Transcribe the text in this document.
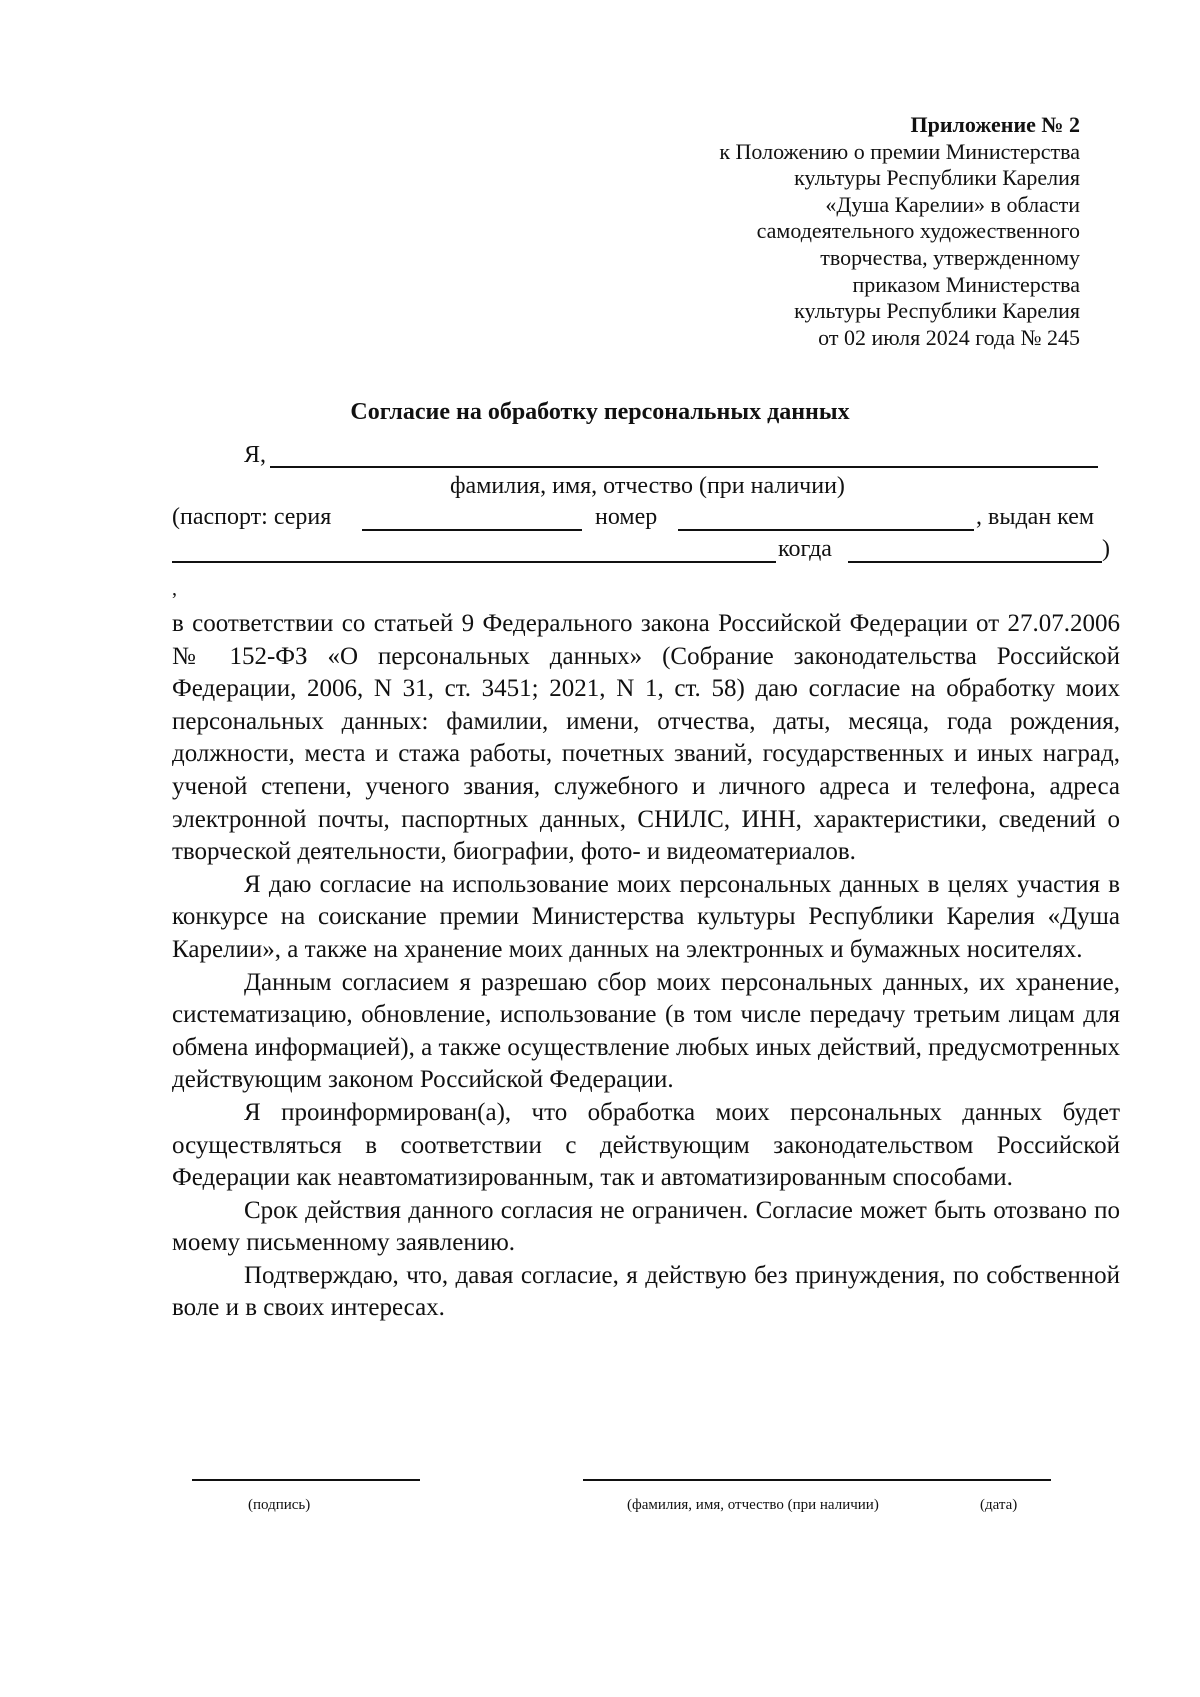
Приложение № 2
к Положению о премии Министерства
культуры Республики Карелия
«Душа Карелии» в области
самодеятельного художественного
творчества, утвержденному
приказом Министерства
культуры Республики Карелия
от 02 июля 2024 года № 245
Согласие на обработку персональных данных
Я,
фамилия, имя, отчество (при наличии)
(паспорт: серия	номер	, выдан кем
когда	)
,

в соответствии со статьей 9 Федерального закона Российской Федерации от 27.07.2006 № 152-ФЗ «О персональных данных» (Собрание законодательства Российской Федерации, 2006, N 31, ст. 3451; 2021, N 1, ст. 58) даю согласие на обработку моих персональных данных: фамилии, имени, отчества, даты, месяца, года рождения, должности, места и стажа работы, почетных званий, государственных и иных наград, ученой степени, ученого звания, служебного и личного адреса и телефона, адреса электронной почты, паспортных данных, СНИЛС, ИНН, характеристики, сведений о творческой деятельности, биографии, фото- и видеоматериалов.

Я даю согласие на использование моих персональных данных в целях участия в конкурсе на соискание премии Министерства культуры Республики Карелия «Душа Карелии», а также на хранение моих данных на электронных и бумажных носителях.

Данным согласием я разрешаю сбор моих персональных данных, их хранение, систематизацию, обновление, использование (в том числе передачу третьим лицам для обмена информацией), а также осуществление любых иных действий, предусмотренных действующим законом Российской Федерации.

Я проинформирован(а), что обработка моих персональных данных будет осуществляться в соответствии с действующим законодательством Российской Федерации как неавтоматизированным, так и автоматизированным способами.

Срок действия данного согласия не ограничен. Согласие может быть отозвано по моему письменному заявлению.

Подтверждаю, что, давая согласие, я действую без принуждения, по собственной воле и в своих интересах.

(подпись)	(фамилия, имя, отчество (при наличии)	(дата)
